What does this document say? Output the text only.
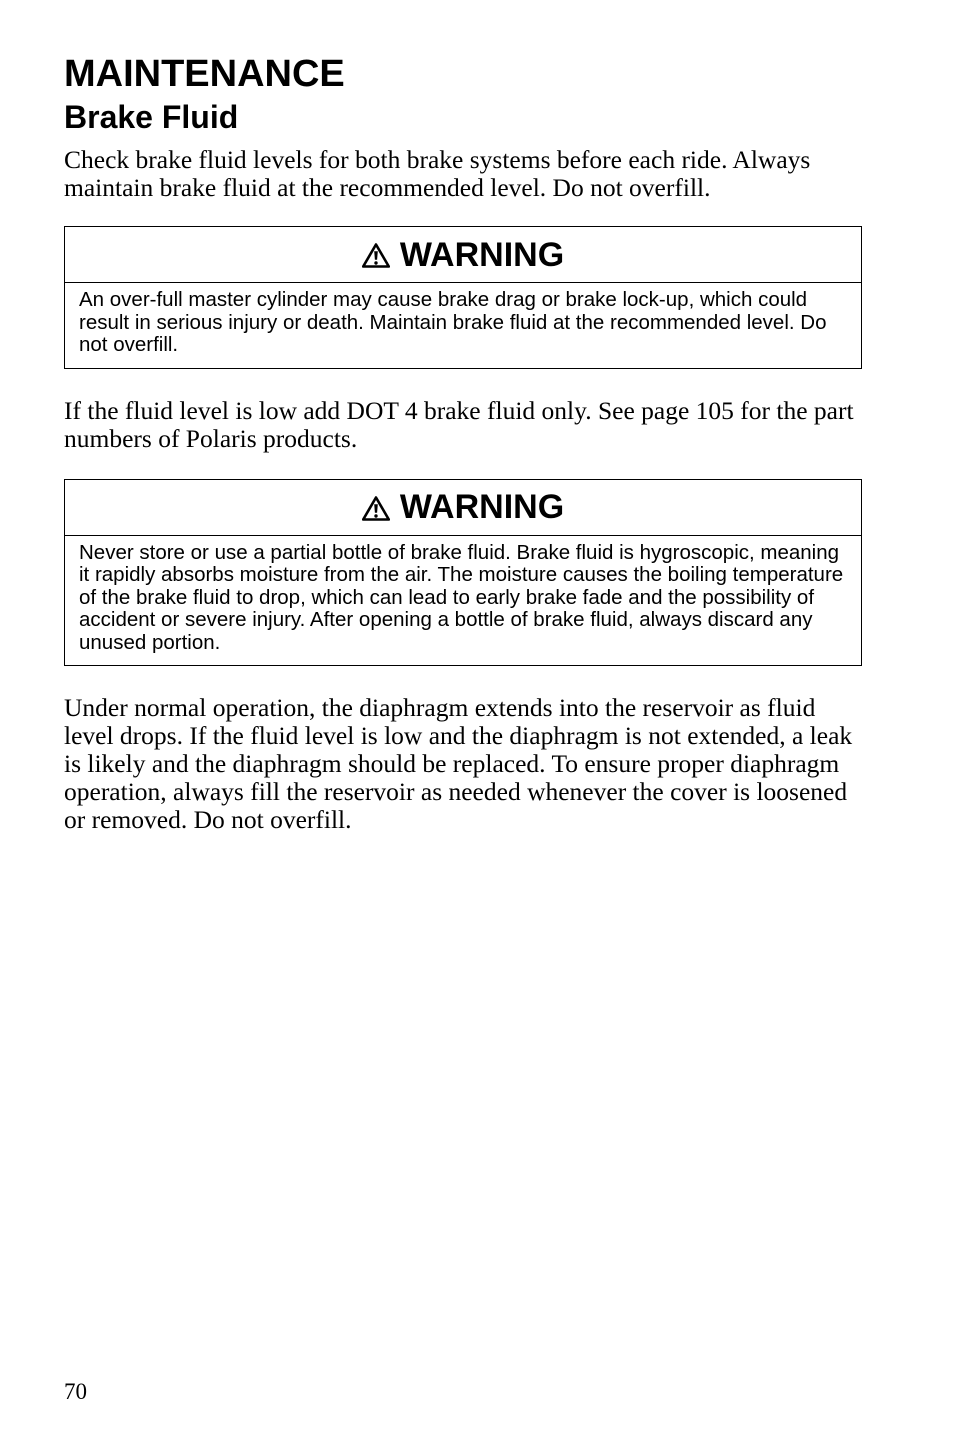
MAINTENANCE
Brake Fluid

Check brake fluid levels for both brake systems before each ride. Always maintain brake fluid at the recommended level. Do not overfill.

WARNING
An over-full master cylinder may cause brake drag or brake lock-up, which could result in serious injury or death. Maintain brake fluid at the recommended level. Do not overfill.

If the fluid level is low add DOT 4 brake fluid only. See page 105 for the part numbers of Polaris products.

WARNING
Never store or use a partial bottle of brake fluid. Brake fluid is hygroscopic, meaning it rapidly absorbs moisture from the air. The moisture causes the boiling temperature of the brake fluid to drop, which can lead to early brake fade and the possibility of accident or severe injury. After opening a bottle of brake fluid, always discard any unused portion.

Under normal operation, the diaphragm extends into the reservoir as fluid level drops. If the fluid level is low and the diaphragm is not extended, a leak is likely and the diaphragm should be replaced. To ensure proper diaphragm operation, always fill the reservoir as needed whenever the cover is loosened or removed. Do not overfill.

70
